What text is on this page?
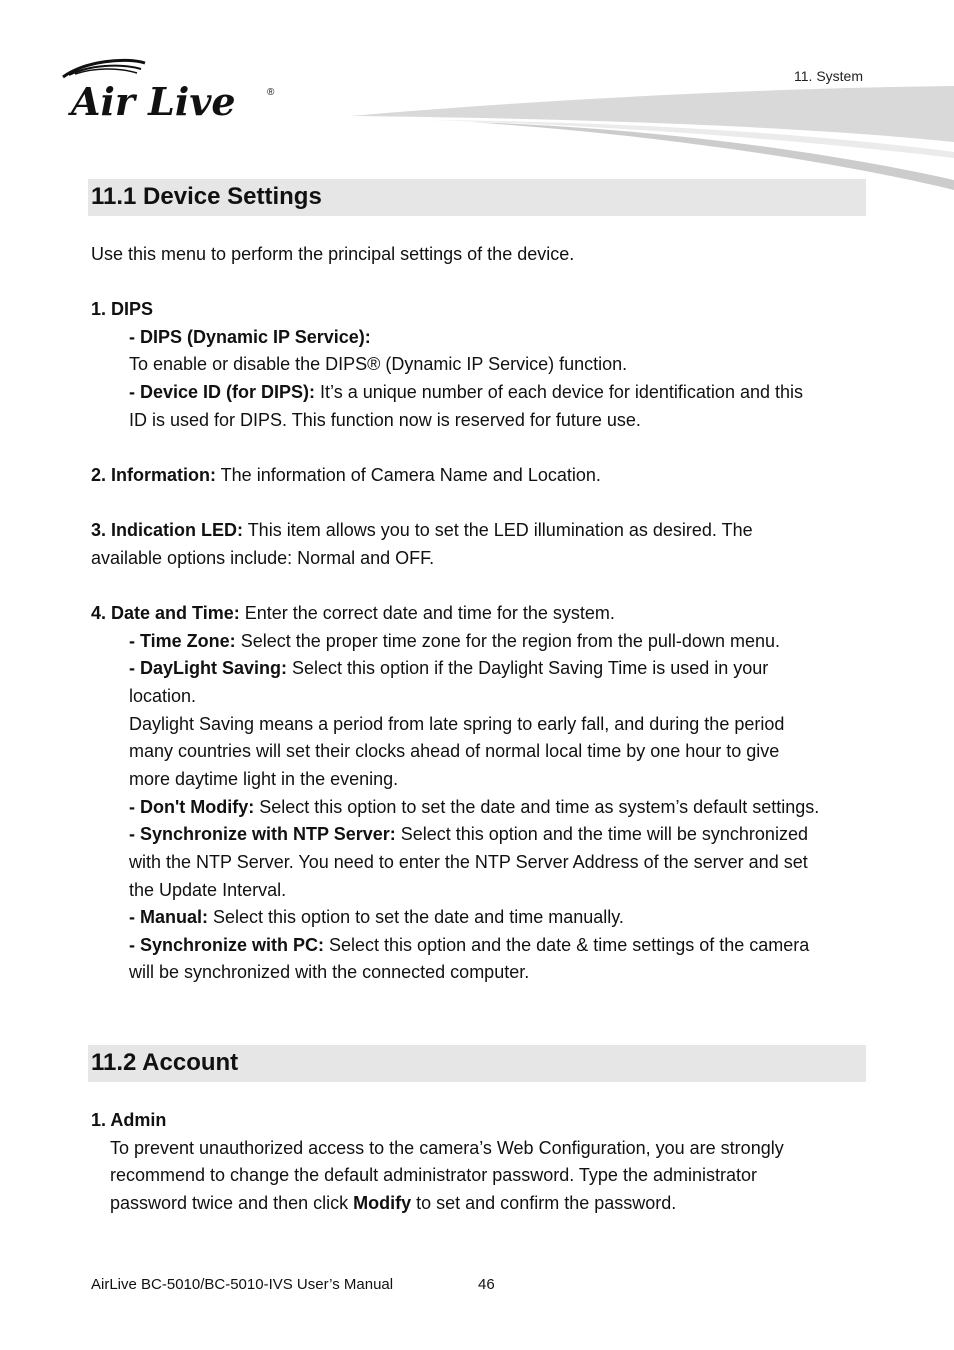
Air Live	®
11. System
11.1 Device Settings

Use this menu to perform the principal settings of the device.

1. DIPS

- DIPS (Dynamic IP Service):

To enable or disable the DIPS® (Dynamic IP Service) function.

- Device ID (for DIPS): It’s a unique number of each device for identification and this

ID is used for DIPS. This function now is reserved for future use.

2. Information: The information of Camera Name and Location.

3. Indication LED: This item allows you to set the LED illumination as desired. The

available options include: Normal and OFF.

4. Date and Time: Enter the correct date and time for the system.

- Time Zone: Select the proper time zone for the region from the pull-down menu.

- DayLight Saving: Select this option if the Daylight Saving Time is used in your

location.

Daylight Saving means a period from late spring to early fall, and during the period

many countries will set their clocks ahead of normal local time by one hour to give

more daytime light in the evening.

- Don't Modify: Select this option to set the date and time as system’s default settings.

- Synchronize with NTP Server: Select this option and the time will be synchronized

with the NTP Server. You need to enter the NTP Server Address of the server and set

the Update Interval.

- Manual: Select this option to set the date and time manually.

- Synchronize with PC: Select this option and the date & time settings of the camera

will be synchronized with the connected computer.

11.2 Account

1. Admin

To prevent unauthorized access to the camera’s Web Configuration, you are strongly

recommend to change the default administrator password. Type the administrator

password twice and then click Modify to set and confirm the password.

AirLive BC-5010/BC-5010-IVS User’s Manual	46
